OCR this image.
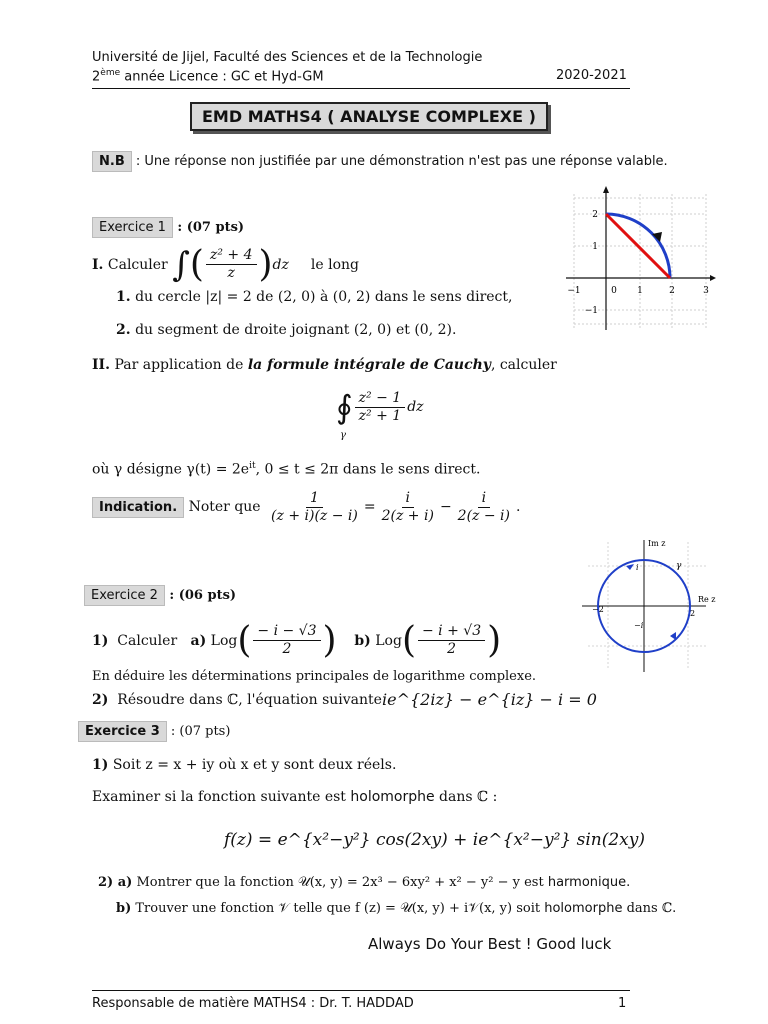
Université de Jijel, Faculté des Sciences et de la Technologie
2ème année Licence : GC et Hyd-GM	2020-2021
EMD MATHS4 ( ANALYSE COMPLEXE )
N.B : Une réponse non justifiée par une démonstration n'est pas une réponse valable.
−1	0 1	2	3
2
1
−1
Exercice 1 : (07 pts)
I.
Calculer
∫ ( $\frac{\text{z² + 4}}{z}$ ) dz le long
1. du cercle |z| = 2 de (2, 0) à (0, 2) dans le sens direct,
2. du segment de droite joignant (2, 0) et (0, 2).
II. Par application de la formule intégrale de Cauchy, calculer
∮ $\frac{\text{z² − 1}}{\text{z² + 1}}$ dz
γ
où γ désigne $\gamma(t) = 2e^{it}$, 0 ≤ t ≤ 2π dans le sens direct.
Indication.
Noter que
$\frac{1}{(z + i)(z - i)} = \frac{i}{2(z + i)} - \frac{i}{2(z - i)}$ .
Im z
Re z
i
−i
−2	2
γ
Exercice 2 : (06 pts)
1)
Calculer
a)
Log ( $\frac{- i - √3}{2}$ )
b)
Log ( $\frac{- i + √3}{2}$ )
En déduire les déterminations principales de logarithme complexe.
2) Résoudre dans ℂ, l'équation suivante ie^{2iz} − e^{iz} − i = 0
Exercice 3 : (07 pts)
1) Soit z = x + iy où x et y sont deux réels.
Examiner si la fonction suivante est holomorphe dans ℂ :
f(z) = e^{x²−y²} cos(2xy) + ie^{x²−y²} sin(2xy)
2) a) Montrer que la fonction 𝒰(x, y) = 2x³ − 6xy² + x² − y² − y est harmonique.
b) Trouver une fonction 𝒱 telle que f (z) = 𝒰(x, y) + i𝒱(x, y) soit holomorphe dans ℂ.
Always Do Your Best ! Good luck
Responsable de matière MATHS4 : Dr. T. HADDAD	1
